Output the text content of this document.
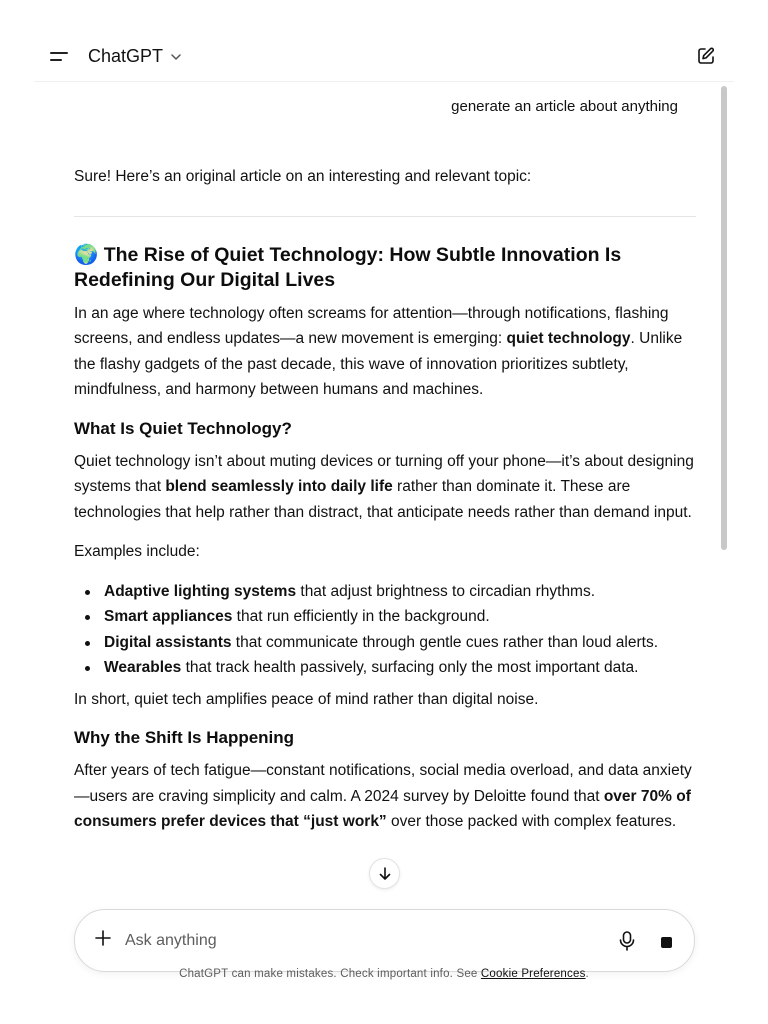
ChatGPT
generate an article about anything

Sure! Here’s an original article on an interesting and relevant topic:

🌍 The Rise of Quiet Technology: How Subtle Innovation Is Redefining Our Digital Lives

In an age where technology often screams for attention—through notifications, flashing screens, and endless updates—a new movement is emerging: quiet technology. Unlike the flashy gadgets of the past decade, this wave of innovation prioritizes subtlety, mindfulness, and harmony between humans and machines.

What Is Quiet Technology?

Quiet technology isn’t about muting devices or turning off your phone—it’s about designing systems that blend seamlessly into daily life rather than dominate it. These are technologies that help rather than distract, that anticipate needs rather than demand input.

Examples include:

Adaptive lighting systems that adjust brightness to circadian rhythms.
Smart appliances that run efficiently in the background.
Digital assistants that communicate through gentle cues rather than loud alerts.
Wearables that track health passively, surfacing only the most important data.

In short, quiet tech amplifies peace of mind rather than digital noise.

Why the Shift Is Happening

After years of tech fatigue—constant notifications, social media overload, and data anxiety—users are craving simplicity and calm. A 2024 survey by Deloitte found that over 70% of consumers prefer devices that “just work” over those packed with complex features.

Ask anything
ChatGPT can make mistakes. Check important info. See Cookie Preferences.
